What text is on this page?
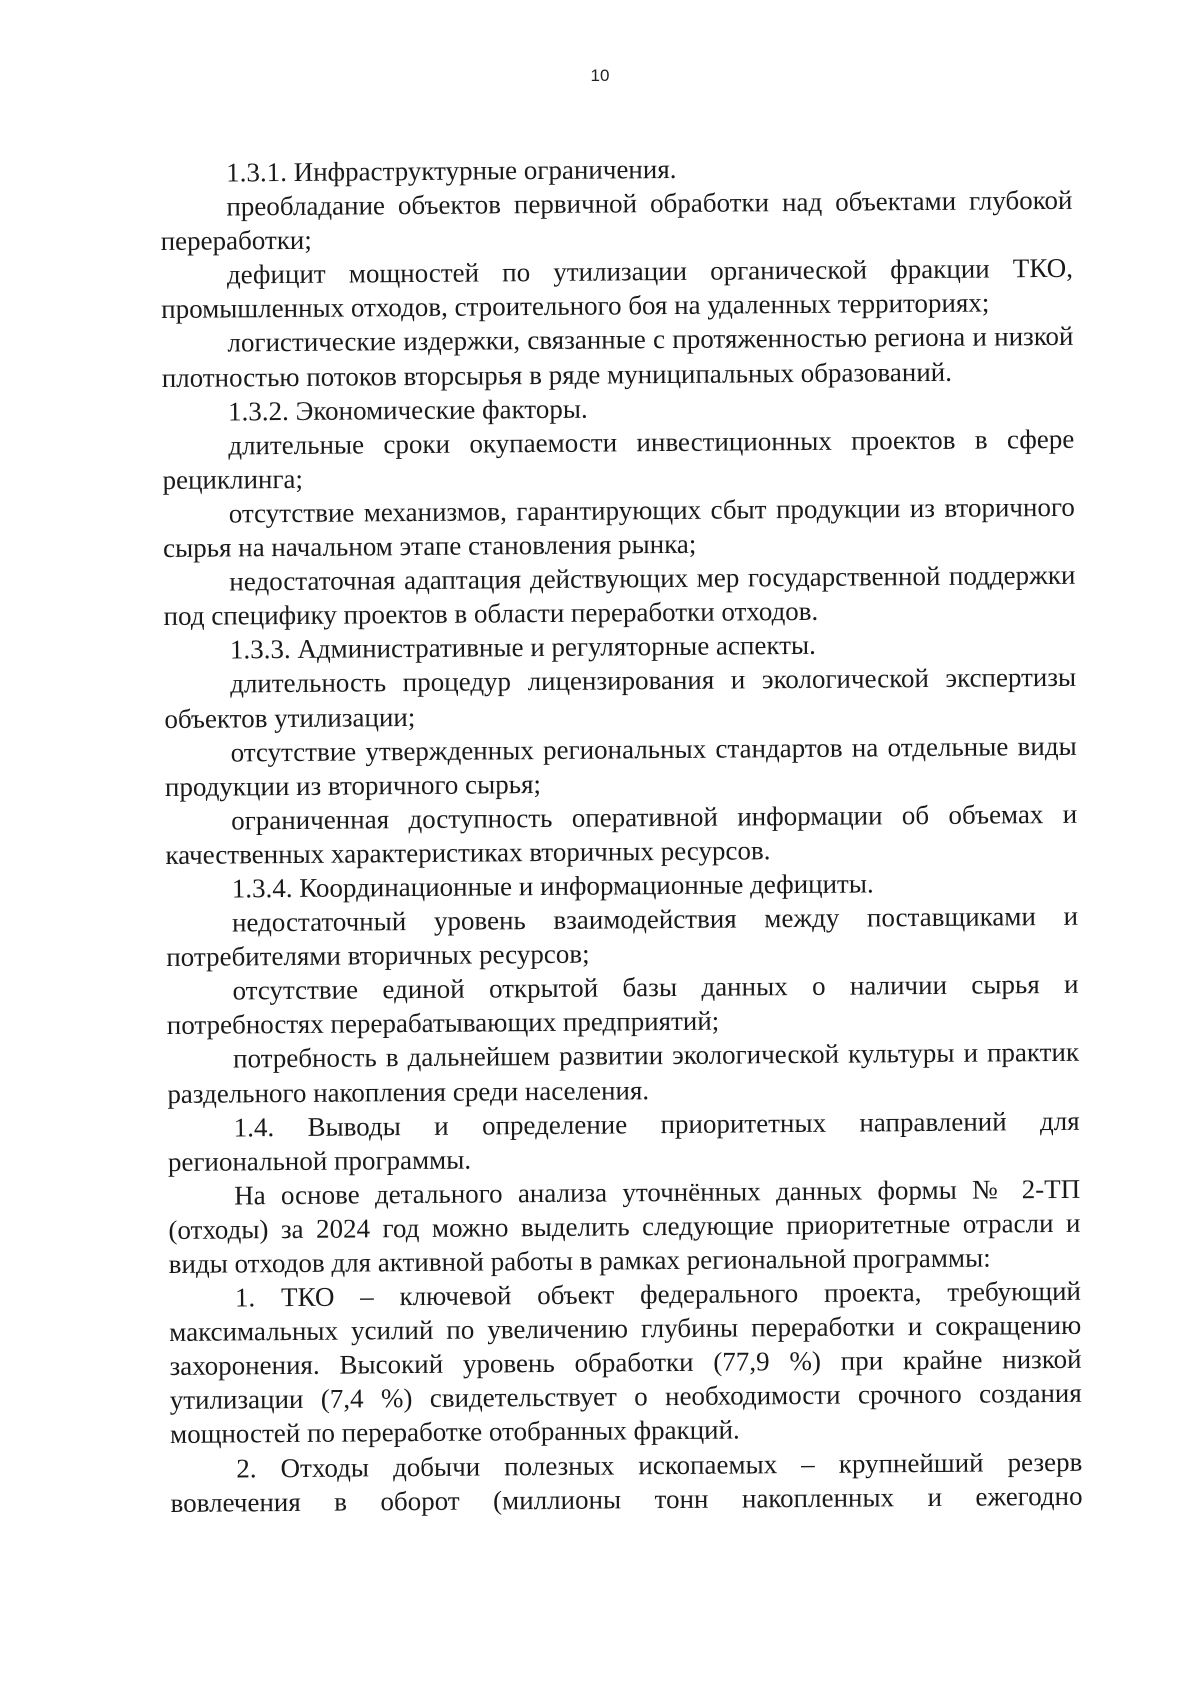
10

1.3.1. Инфраструктурные ограничения.

преобладание объектов первичной обработки над объектами глубокой переработки;

дефицит мощностей по утилизации органической фракции ТКО, промышленных отходов, строительного боя на удаленных территориях;

логистические издержки, связанные с протяженностью региона и низкой плотностью потоков вторсырья в ряде муниципальных образований.

1.3.2. Экономические факторы.

длительные сроки окупаемости инвестиционных проектов в сфере рециклинга;

отсутствие механизмов, гарантирующих сбыт продукции из вторичного сырья на начальном этапе становления рынка;

недостаточная адаптация действующих мер государственной поддержки под специфику проектов в области переработки отходов.

1.3.3. Административные и регуляторные аспекты.

длительность процедур лицензирования и экологической экспертизы объектов утилизации;

отсутствие утвержденных региональных стандартов на отдельные виды продукции из вторичного сырья;

ограниченная доступность оперативной информации об объемах и качественных характеристиках вторичных ресурсов.

1.3.4. Координационные и информационные дефициты.

недостаточный уровень взаимодействия между поставщиками и потребителями вторичных ресурсов;

отсутствие единой открытой базы данных о наличии сырья и потребностях перерабатывающих предприятий;

потребность в дальнейшем развитии экологической культуры и практик раздельного накопления среди населения.

1.4. Выводы и определение приоритетных направлений для региональной программы.

На основе детального анализа уточнённых данных формы № 2-ТП (отходы) за 2024 год можно выделить следующие приоритетные отрасли и виды отходов для активной работы в рамках региональной программы:

1. ТКО – ключевой объект федерального проекта, требующий максимальных усилий по увеличению глубины переработки и сокращению захоронения. Высокий уровень обработки (77,9 %) при крайне низкой утилизации (7,4 %) свидетельствует о необходимости срочного создания мощностей по переработке отобранных фракций.

2. Отходы добычи полезных ископаемых – крупнейший резерв вовлечения в оборот (миллионы тонн накопленных и ежегодно
